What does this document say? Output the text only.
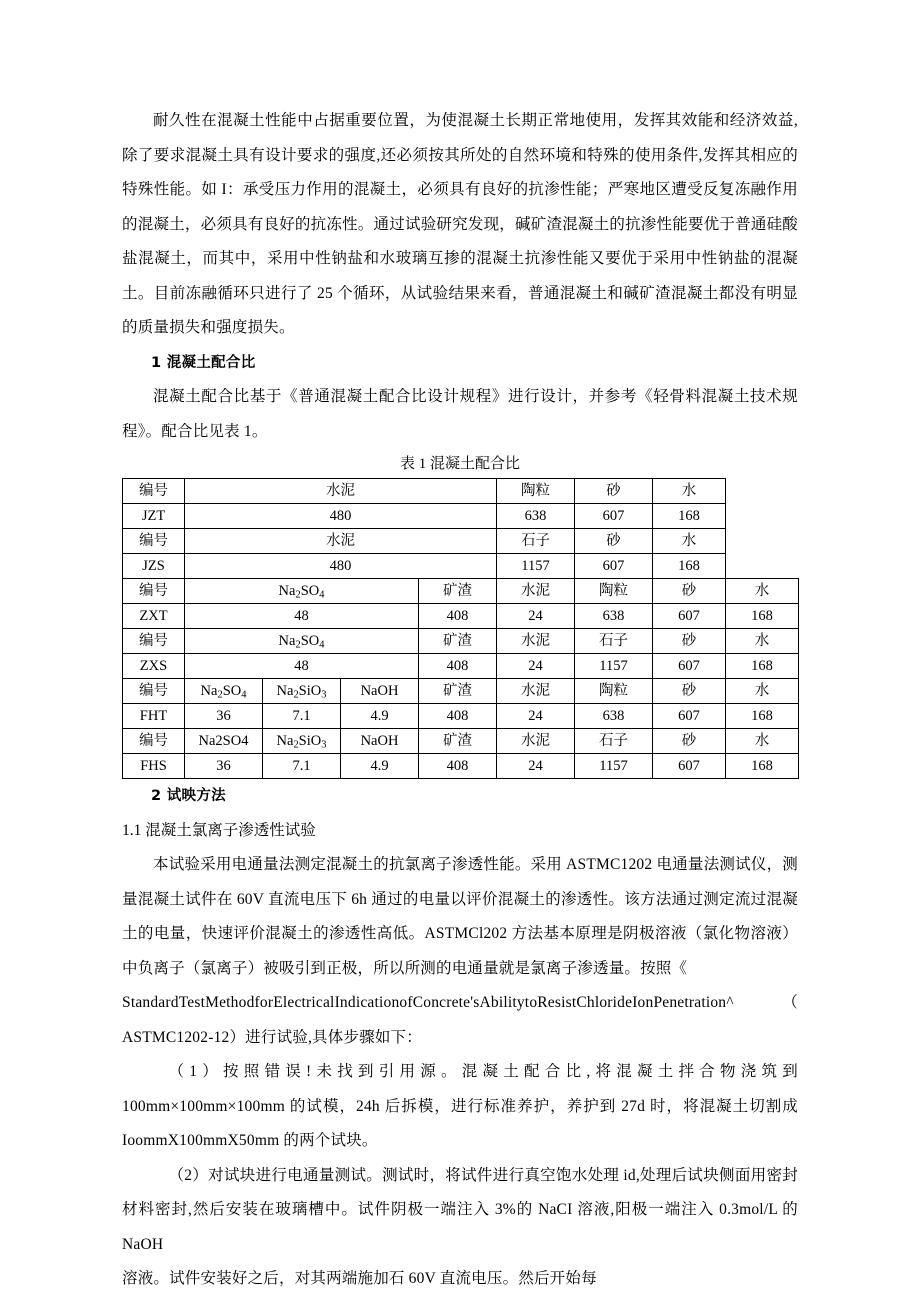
耐久性在混凝土性能中占据重要位置，为使混凝土长期正常地使用，发挥其效能和经济效益,除了要求混凝土具有设计要求的强度,还必须按其所处的自然环境和特殊的使用条件,发挥其相应的特殊性能。如 I：承受压力作用的混凝土，必须具有良好的抗渗性能；严寒地区遭受反复冻融作用的混凝土，必须具有良好的抗冻性。通过试验研究发现，碱矿渣混凝土的抗渗性能要优于普通硅酸盐混凝土，而其中，采用中性钠盐和水玻璃互掺的混凝土抗渗性能又要优于采用中性钠盐的混凝土。目前冻融循环只进行了 25 个循环，从试验结果来看，普通混凝土和碱矿渣混凝土都没有明显的质量损失和强度损失。

1 混凝土配合比

混凝土配合比基于《普通混凝土配合比设计规程》进行设计，并参考《轻骨料混凝土技术规程》。配合比见表 1。

表 1 混凝土配合比
编号	水泥				陶粒	砂	水	
JZT	480				638	607	168	
编号	水泥				石子	砂	水	
JZS	480				1157	607	168	
编号	$Na_2SO_4$			矿渣	水泥	陶粒	砂	水
ZXT	48			408	24	638	607	168
编号	$Na_2SO_4$			矿渣	水泥	石子	砂	水
ZXS	48			408	24	1157	607	168
编号	$Na_2SO_4$	$Na_2SiO_3$	NaOH	矿渣	水泥	陶粒	砂	水
FHT	36	7.1	4.9	408	24	638	607	168
编号	Na2SO4	$Na_2SiO_3$	NaOH	矿渣	水泥	石子	砂	水
FHS	36	7.1	4.9	408	24	1157	607	168
2 试映方法
1.1 混凝土氯离子渗透性试验

本试验采用电通量法测定混凝土的抗氯离子渗透性能。采用 ASTMC1202 电通量法测试仪，测量混凝土试件在 60V 直流电压下 6h 通过的电量以评价混凝土的渗透性。该方法通过测定流过混凝土的电量，快速评价混凝土的渗透性高低。ASTMCl202 方法基本原理是阴极溶液（氯化物溶液）中负离子（氯离子）被吸引到正极，所以所测的电通量就是氯离子渗透量。按照《

StandardTestMethodforElectricalIndicationofConcrete'sAbilitytoResistChlorideIonPenetration^	（

ASTMC1202-12）进行试验,具体步骤如下：

（1）按照错误!未找到引用源。混凝土配合比,将混凝土拌合物浇筑到 100mm×100mm×100mm 的试模，24h 后拆模，进行标准养护，养护到 27d 时，将混凝土切割成 IoommX100mmX50mm 的两个试块。

（2）对试块进行电通量测试。测试时，将试件进行真空饱水处理 id,处理后试块侧面用密封材料密封,然后安装在玻璃槽中。试件阴极一端注入 3%的 NaCI 溶液,阳极一端注入 0.3mol/L 的 NaOH

溶液。试件安装好之后，对其两端施加石 60V 直流电压。然后开始每
